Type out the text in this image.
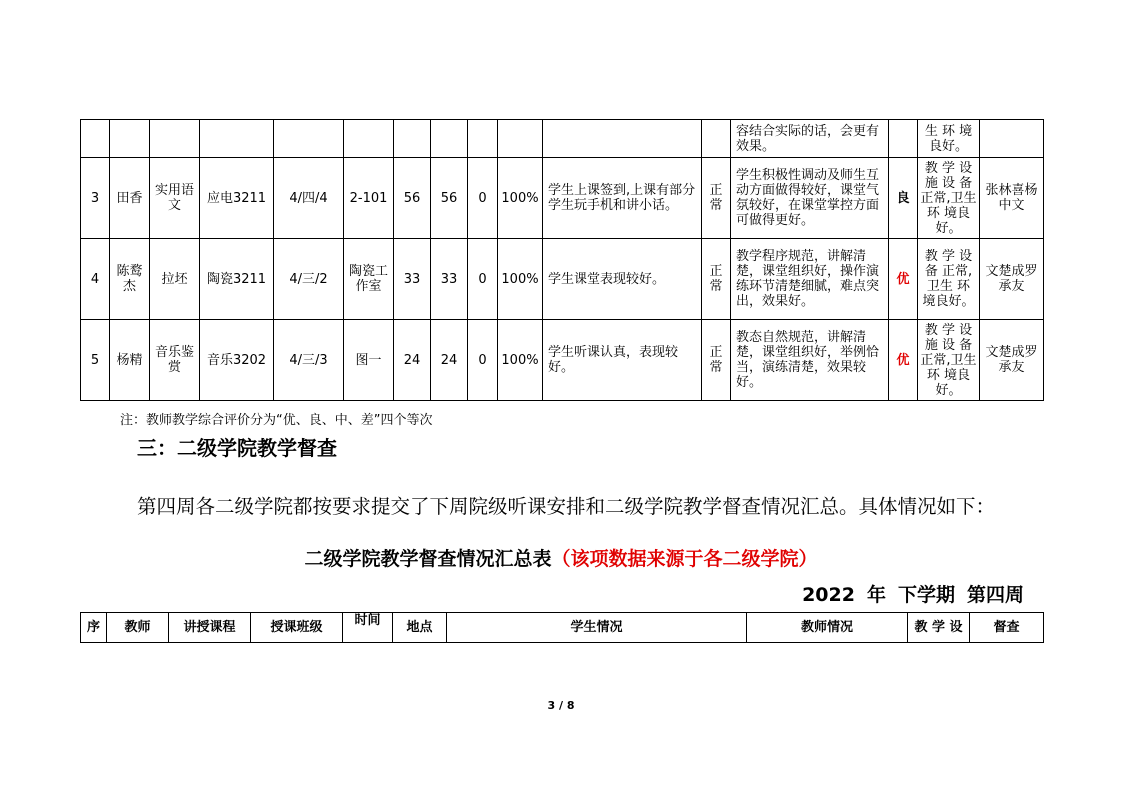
												容结合实际的话，会更有效果。		生 环 境良好。	
3	田香	实用语文	应电3211	4/四/4	2-101	56	56	0	100%	学生上课签到,上课有部分学生玩手机和讲小话。	正常	学生积极性调动及师生互动方面做得较好，课堂气氛较好，在课堂掌控方面可做得更好。	良	教 学 设施 设 备正常,卫生 环 境良好。	张林喜杨中文
4	陈鹜杰	拉坯	陶瓷3211	4/三/2	陶瓷工作室	33	33	0	100%	学生课堂表现较好。	正常	教学程序规范，讲解清楚，课堂组织好，操作演练环节清楚细腻，难点突出，效果好。	优	教 学 设备 正常,卫生 环 境良好。	文楚成罗承友
5	杨精	音乐鉴赏	音乐3202	4/三/3	图一	24	24	0	100%	学生听课认真，表现较好。	正常	教态自然规范，讲解清楚，课堂组织好，举例恰当，演练清楚，效果较好。	优	教 学 设施 设 备正常,卫生 环 境良好。	文楚成罗承友
注：教师教学综合评价分为“优、良、中、差”四个等次
三：二级学院教学督查
第四周各二级学院都按要求提交了下周院级听课安排和二级学院教学督查情况汇总。具体情况如下：
二级学院教学督查情况汇总表（该项数据来源于各二级学院）
2022 年 下学期 第四周
序	教师	讲授课程	授课班级	时间	地点	学生情况	教师情况	教 学 设	督查
3 / 8
